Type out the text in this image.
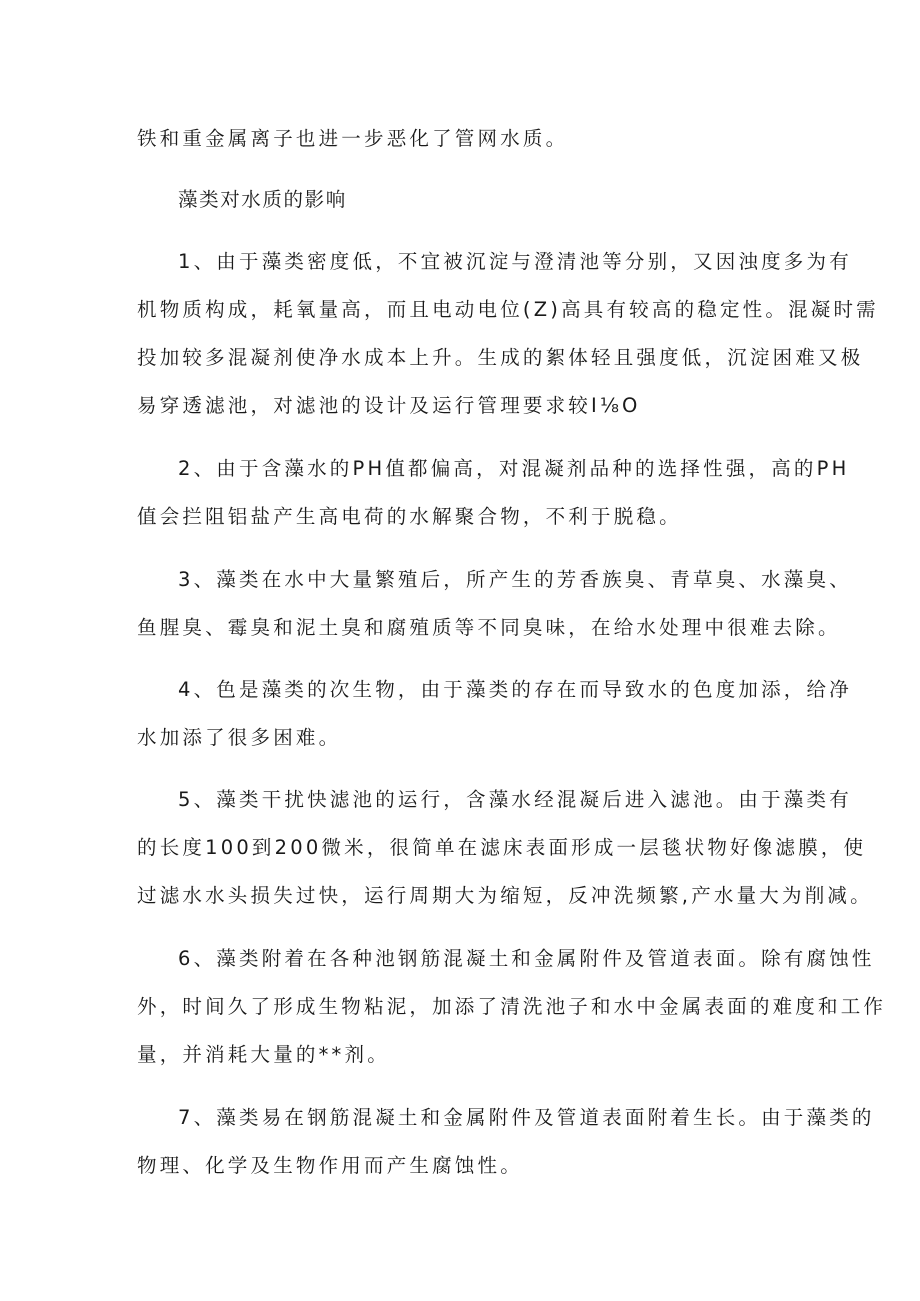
铁和重金属离子也进一步恶化了管网水质。
藻类对水质的影响
1、由于藻类密度低，不宜被沉淀与澄清池等分别，又因浊度多为有
机物质构成，耗氧量高，而且电动电位(Z)高具有较高的稳定性。混凝时需
投加较多混凝剂使净水成本上升。生成的絮体轻且强度低，沉淀困难又极
易穿透滤池，对滤池的设计及运行管理要求较I⅛O
2、由于含藻水的PH值都偏高，对混凝剂品种的选择性强，高的PH
值会拦阻铝盐产生高电荷的水解聚合物，不利于脱稳。
3、藻类在水中大量繁殖后，所产生的芳香族臭、青草臭、水藻臭、
鱼腥臭、霉臭和泥土臭和腐殖质等不同臭味，在给水处理中很难去除。
4、色是藻类的次生物，由于藻类的存在而导致水的色度加添，给净
水加添了很多困难。
5、藻类干扰快滤池的运行，含藻水经混凝后进入滤池。由于藻类有
的长度100到200微米，很简单在滤床表面形成一层毯状物好像滤膜，使
过滤水水头损失过快，运行周期大为缩短，反冲洗频繁,产水量大为削减。
6、藻类附着在各种池钢筋混凝土和金属附件及管道表面。除有腐蚀性
外，时间久了形成生物粘泥，加添了清洗池子和水中金属表面的难度和工作
量，并消耗大量的**剂。
7、藻类易在钢筋混凝土和金属附件及管道表面附着生长。由于藻类的
物理、化学及生物作用而产生腐蚀性。
